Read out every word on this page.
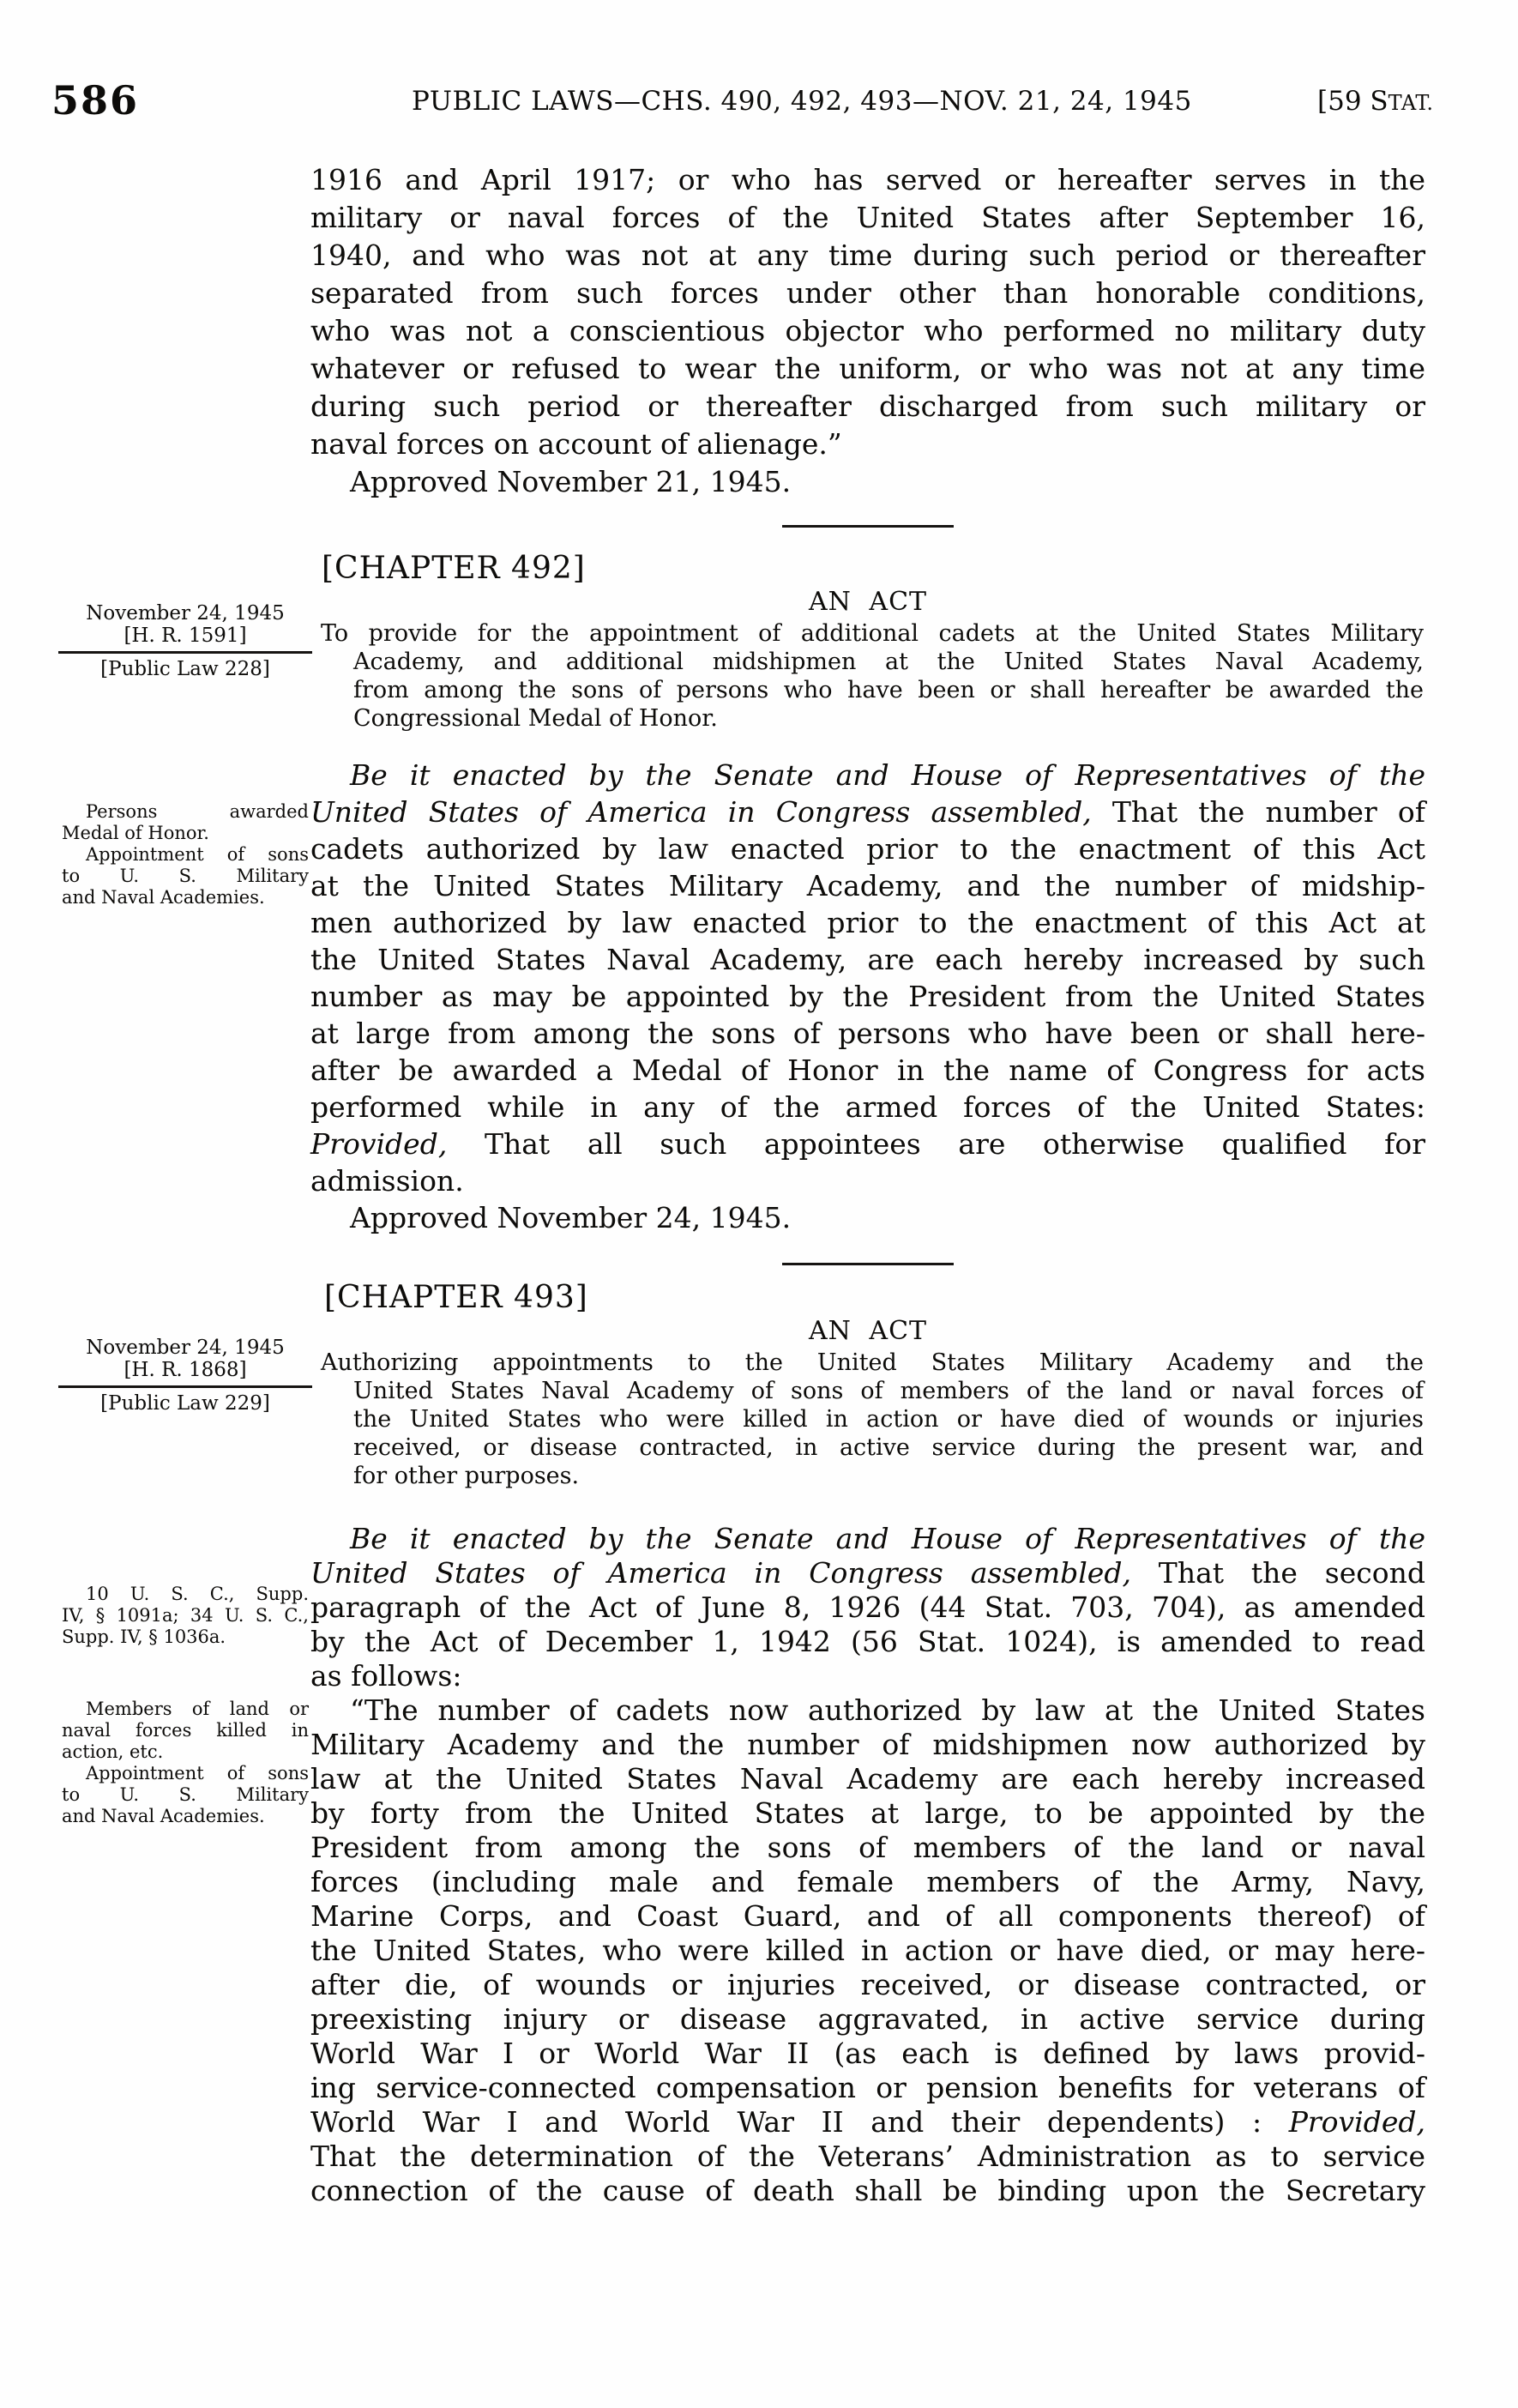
586	PUBLIC LAWS—CHS. 490, 492, 493—NOV. 21, 24, 1945	[59 STAT.
1916 and April 1917; or who has served or hereafter serves in the
military or naval forces of the United States after September 16,
1940, and who was not at any time during such period or thereafter
separated from such forces under other than honorable conditions,
who was not a conscientious objector who performed no military duty
whatever or refused to wear the uniform, or who was not at any time
during such period or thereafter discharged from such military or
naval forces on account of alienage.”
Approved November 21, 1945.
[CHAPTER 492]
AN ACT
November 24, 1945
[H. R. 1591]
[Public Law 228]
To provide for the appointment of additional cadets at the United States Military
Academy, and additional midshipmen at the United States Naval Academy,
from among the sons of persons who have been or shall hereafter be awarded the
Congressional Medal of Honor.
Persons awarded
Medal of Honor.
Appointment of sons
to U. S. Military
and Naval Academies.
Be it enacted by the Senate and House of Representatives of the
United States of America in Congress assembled, That the number of
cadets authorized by law enacted prior to the enactment of this Act
at the United States Military Academy, and the number of midship-
men authorized by law enacted prior to the enactment of this Act at
the United States Naval Academy, are each hereby increased by such
number as may be appointed by the President from the United States
at large from among the sons of persons who have been or shall here-
after be awarded a Medal of Honor in the name of Congress for acts
performed while in any of the armed forces of the United States:
Provided, That all such appointees are otherwise qualified for
admission.
Approved November 24, 1945.
[CHAPTER 493]
AN ACT
November 24, 1945
[H. R. 1868]
[Public Law 229]
Authorizing appointments to the United States Military Academy and the
United States Naval Academy of sons of members of the land or naval forces of
the United States who were killed in action or have died of wounds or injuries
received, or disease contracted, in active service during the present war, and
for other purposes.
10 U. S. C., Supp.
IV, § 1091a; 34 U. S. C.,
Supp. IV, § 1036a.
Members of land or
naval forces killed in
action, etc.
Appointment of sons
to U. S. Military
and Naval Academies.
Be it enacted by the Senate and House of Representatives of the
United States of America in Congress assembled, That the second
paragraph of the Act of June 8, 1926 (44 Stat. 703, 704), as amended
by the Act of December 1, 1942 (56 Stat. 1024), is amended to read
as follows:
“The number of cadets now authorized by law at the United States
Military Academy and the number of midshipmen now authorized by
law at the United States Naval Academy are each hereby increased
by forty from the United States at large, to be appointed by the
President from among the sons of members of the land or naval
forces (including male and female members of the Army, Navy,
Marine Corps, and Coast Guard, and of all components thereof) of
the United States, who were killed in action or have died, or may here-
after die, of wounds or injuries received, or disease contracted, or
preexisting injury or disease aggravated, in active service during
World War I or World War II (as each is defined by laws provid-
ing service-connected compensation or pension benefits for veterans of
World War I and World War II and their dependents) : Provided,
That the determination of the Veterans’ Administration as to service
connection of the cause of death shall be binding upon the Secretary
